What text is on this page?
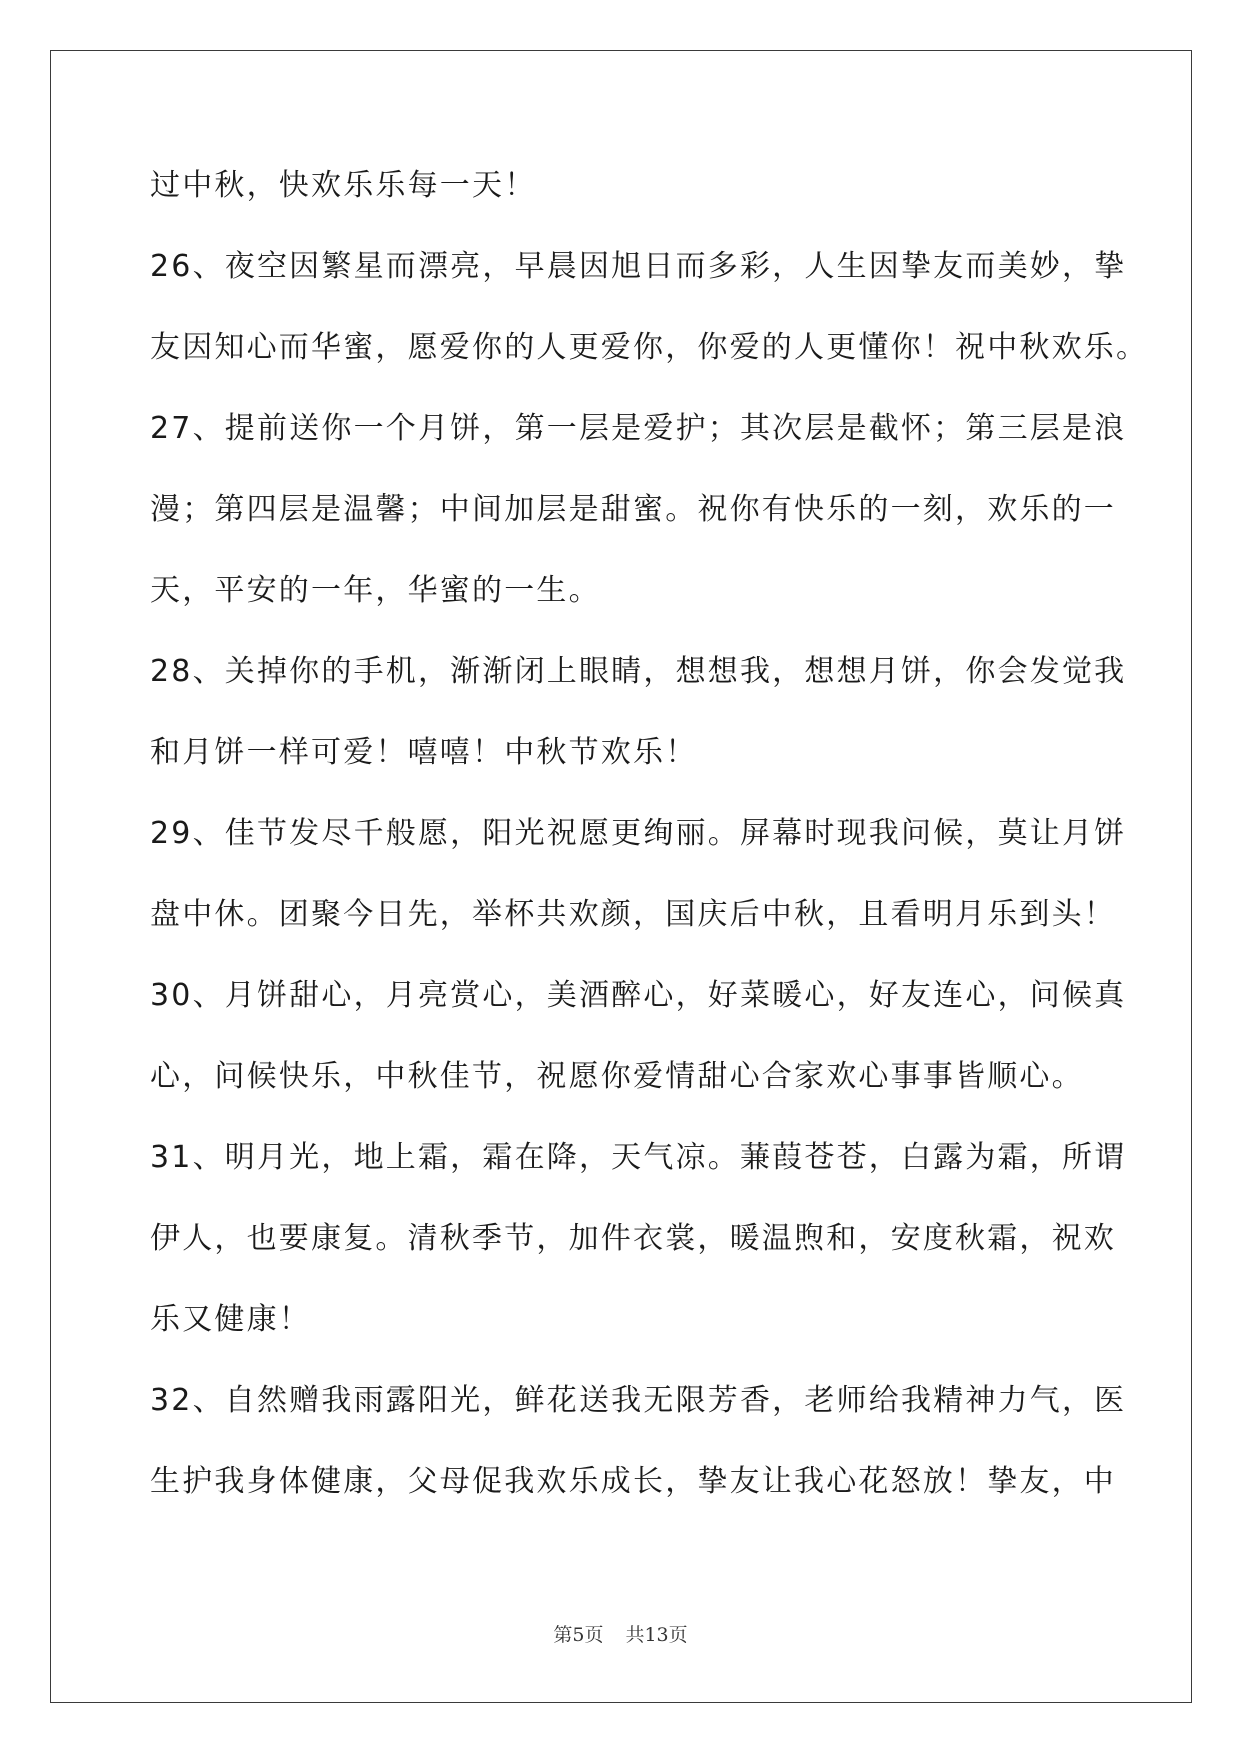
过中秋，快欢乐乐每一天！
26、夜空因繁星而漂亮，早晨因旭日而多彩，人生因挚友而美妙，挚
友因知心而华蜜，愿爱你的人更爱你，你爱的人更懂你！祝中秋欢乐。
27、提前送你一个月饼，第一层是爱护；其次层是截怀；第三层是浪
漫；第四层是温馨；中间加层是甜蜜。祝你有快乐的一刻，欢乐的一
天，平安的一年，华蜜的一生。
28、关掉你的手机，渐渐闭上眼睛，想想我，想想月饼，你会发觉我
和月饼一样可爱！嘻嘻！中秋节欢乐！
29、佳节发尽千般愿，阳光祝愿更绚丽。屏幕时现我问候，莫让月饼
盘中休。团聚今日先，举杯共欢颜，国庆后中秋，且看明月乐到头！
30、月饼甜心，月亮赏心，美酒醉心，好菜暖心，好友连心，问候真
心，问候快乐，中秋佳节，祝愿你爱情甜心合家欢心事事皆顺心。
31、明月光，地上霜，霜在降，天气凉。蒹葭苍苍，白露为霜，所谓
伊人，也要康复。清秋季节，加件衣裳，暖温煦和，安度秋霜，祝欢
乐又健康！
32、自然赠我雨露阳光，鲜花送我无限芳香，老师给我精神力气，医
生护我身体健康，父母促我欢乐成长，挚友让我心花怒放！挚友，中
第5页 共13页
